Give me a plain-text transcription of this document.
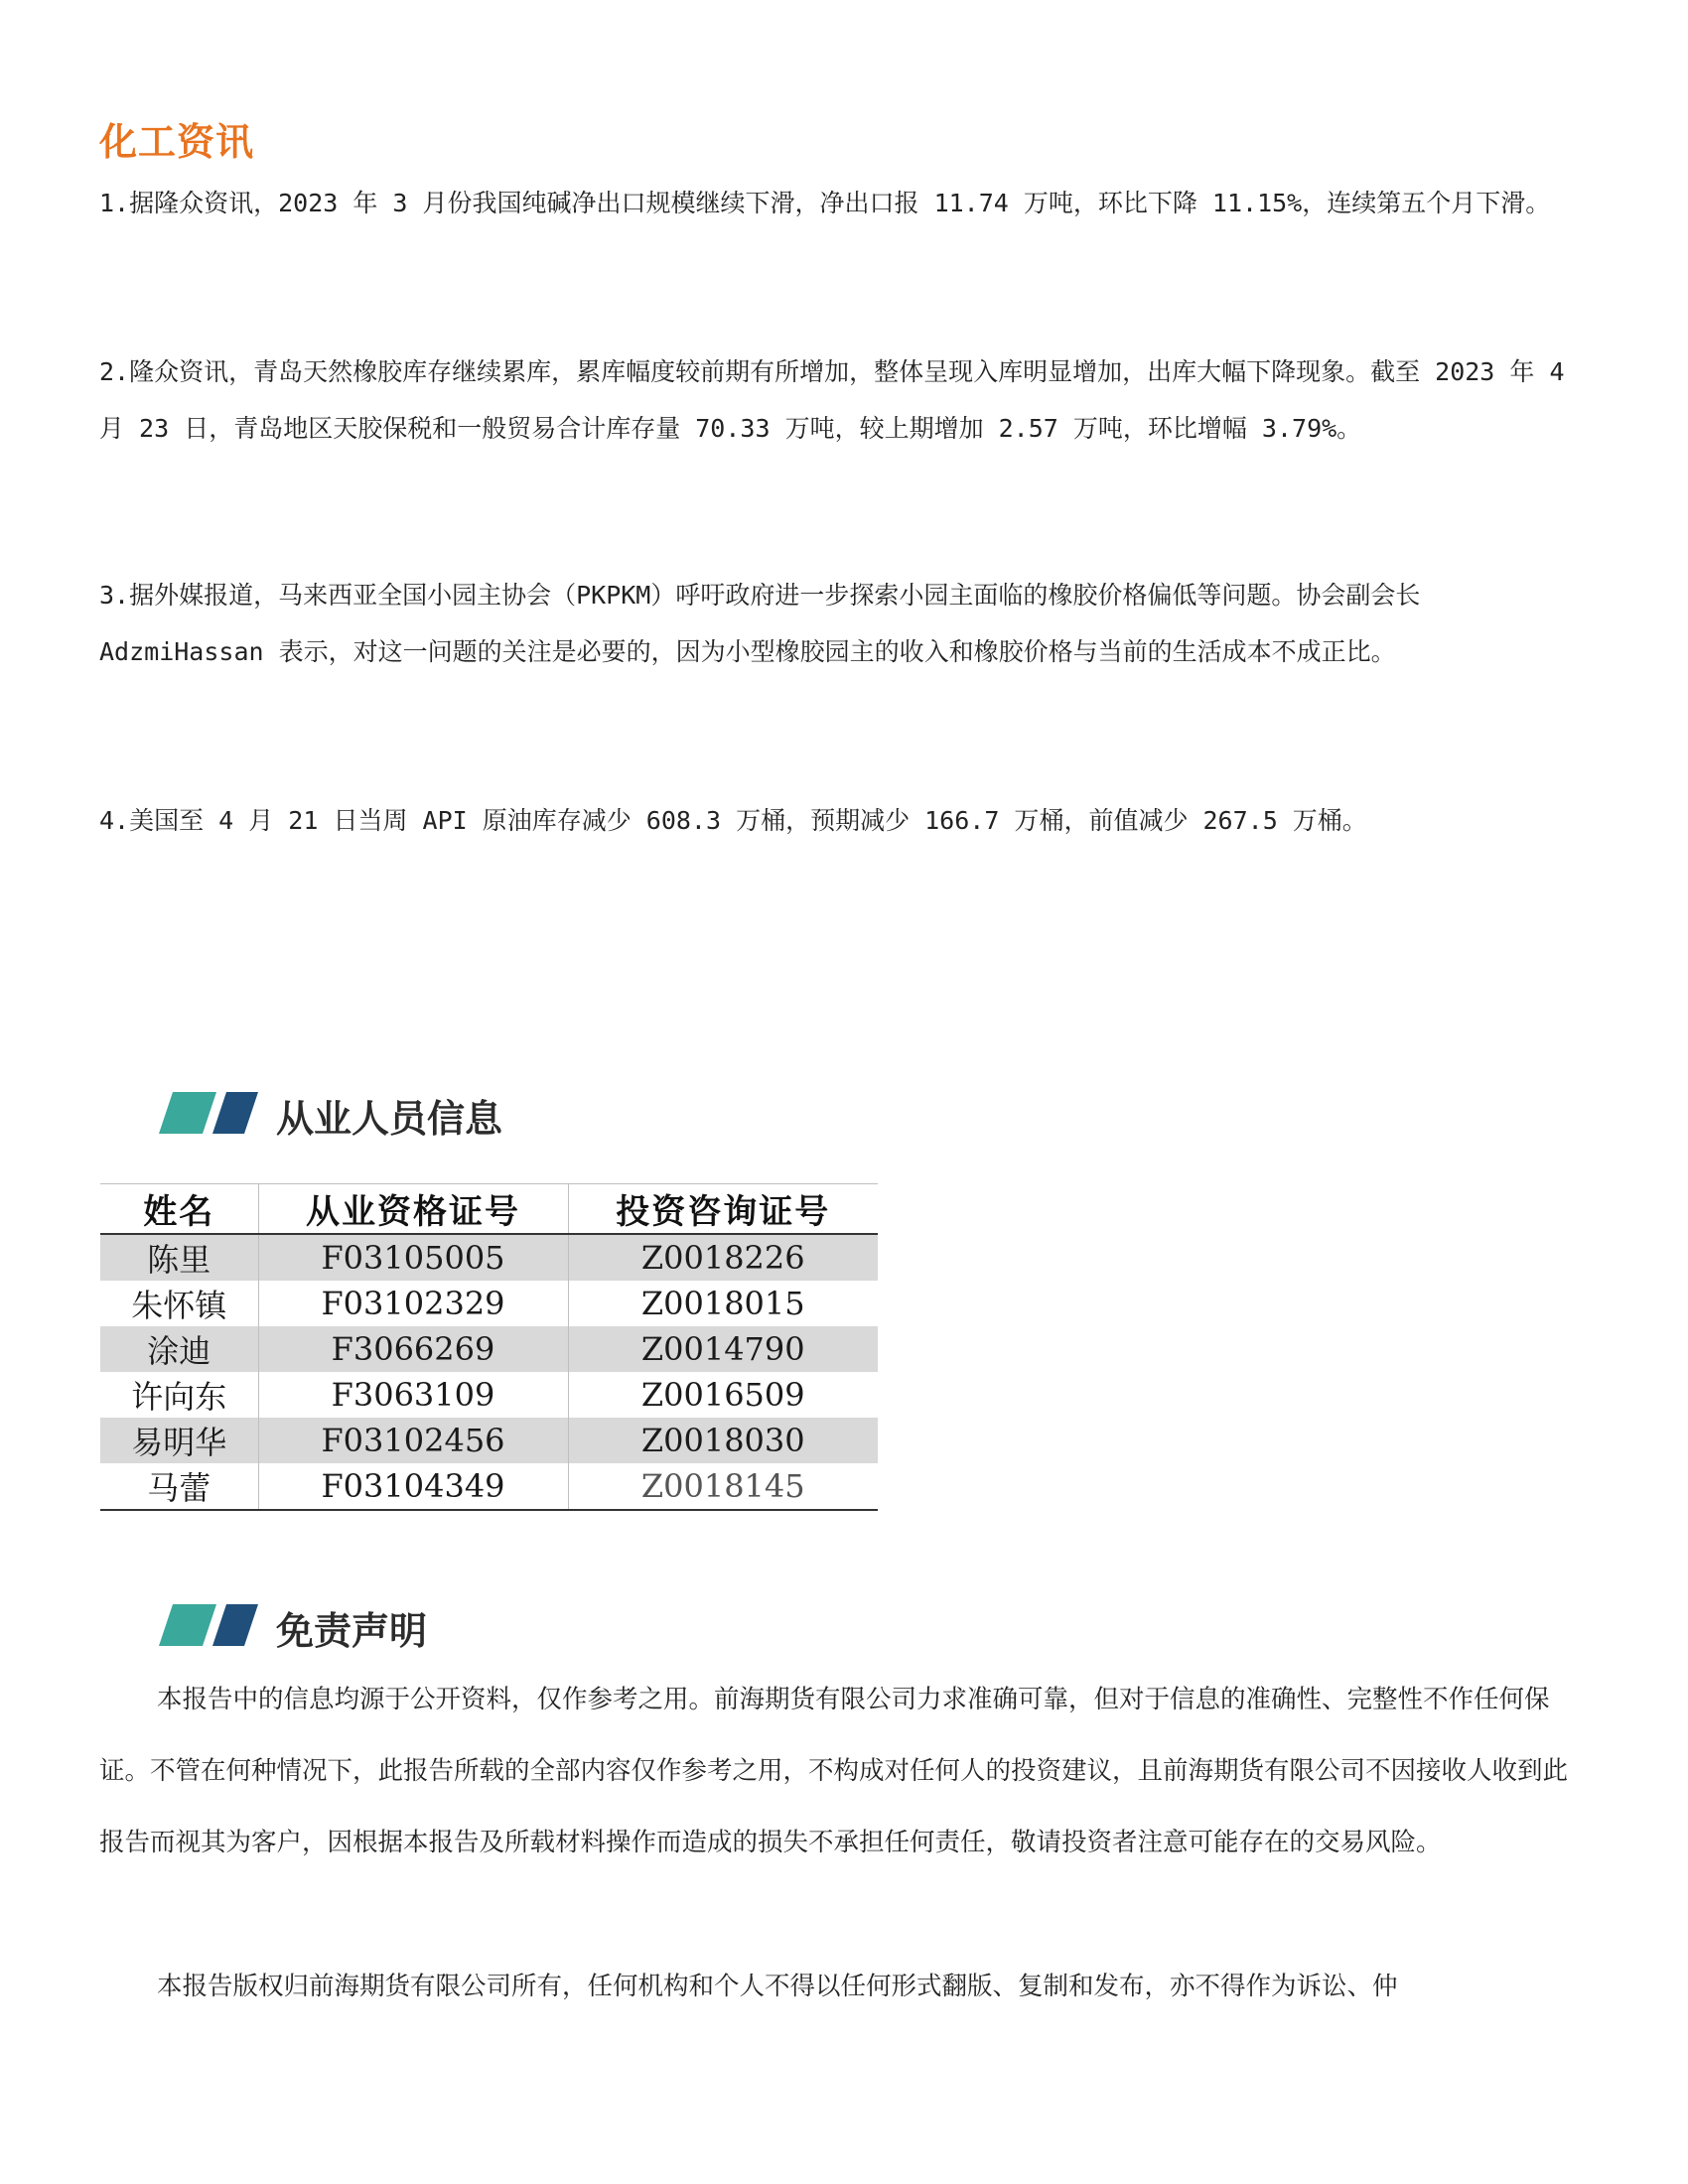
化工资讯

1.据隆众资讯，2023 年 3 月份我国纯碱净出口规模继续下滑，净出口报 11.74 万吨，环比下降 11.15%，连续第五个月下滑。

2.隆众资讯，青岛天然橡胶库存继续累库，累库幅度较前期有所增加，整体呈现入库明显增加，出库大幅下降现象。截至 2023 年 4 月 23 日，青岛地区天胶保税和一般贸易合计库存量 70.33 万吨，较上期增加 2.57 万吨，环比增幅 3.79%。

3.据外媒报道，马来西亚全国小园主协会（PKPKM）呼吁政府进一步探索小园主面临的橡胶价格偏低等问题。协会副会长 AdzmiHassan 表示，对这一问题的关注是必要的，因为小型橡胶园主的收入和橡胶价格与当前的生活成本不成正比。

4.美国至 4 月 21 日当周 API 原油库存减少 608.3 万桶，预期减少 166.7 万桶，前值减少 267.5 万桶。

从业人员信息
姓名	从业资格证号	投资咨询证号
陈里	F03105005	Z0018226
朱怀镇	F03102329	Z0018015
涂迪	F3066269	Z0014790
许向东	F3063109	Z0016509
易明华	F03102456	Z0018030
马蕾	F03104349	Z0018145
免责声明

本报告中的信息均源于公开资料，仅作参考之用。前海期货有限公司力求准确可靠，但对于信息的准确性、完整性不作任何保证。不管在何种情况下，此报告所载的全部内容仅作参考之用，不构成对任何人的投资建议，且前海期货有限公司不因接收人收到此报告而视其为客户，因根据本报告及所载材料操作而造成的损失不承担任何责任，敬请投资者注意可能存在的交易风险。

本报告版权归前海期货有限公司所有，任何机构和个人不得以任何形式翻版、复制和发布，亦不得作为诉讼、仲
